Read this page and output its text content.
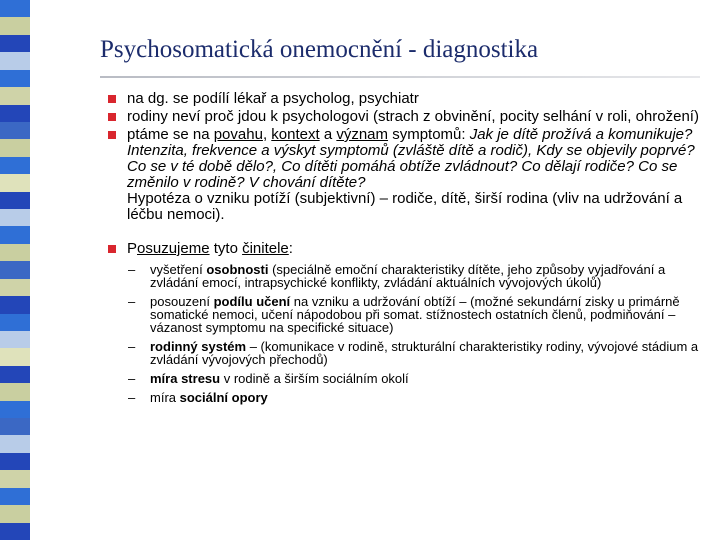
Psychosomatická onemocnění - diagnostika
na dg. se podílí lékař a psycholog, psychiatr
rodiny neví proč jdou k psychologovi (strach z obvinění, pocity selhání v roli, ohrožení)
ptáme se na povahu, kontext a význam symptomů: Jak je dítě prožívá a komunikuje? Intenzita, frekvence a výskyt symptomů (zvláště dítě a rodič), Kdy se objevily poprvé? Co se v té době dělo?, Co dítěti pomáhá obtíže zvládnout? Co dělají rodiče? Co se změnilo v rodině? V chování dítěte?
Hypotéza o vzniku potíží (subjektivní) – rodiče, dítě, širší rodina (vliv na udržování a léčbu nemoci).
Posuzujeme tyto činitele:
– vyšetření osobnosti (speciálně emoční charakteristiky dítěte, jeho způsoby vyjadřování a zvládání emocí, intrapsychické konflikty, zvládání aktuálních vývojových úkolů)
– posouzení podílu učení na vzniku a udržování obtíží – (možné sekundární zisky u primárně somatické nemoci, učení nápodobou při somat. stížnostech ostatních členů, podmiňování – vázanost symptomu na specifické situace)
– rodinný systém – (komunikace v rodině, strukturální charakteristiky rodiny, vývojové stádium a zvládání vývojových přechodů)
– míra stresu v rodině a širším sociálním okolí
– míra sociální opory
